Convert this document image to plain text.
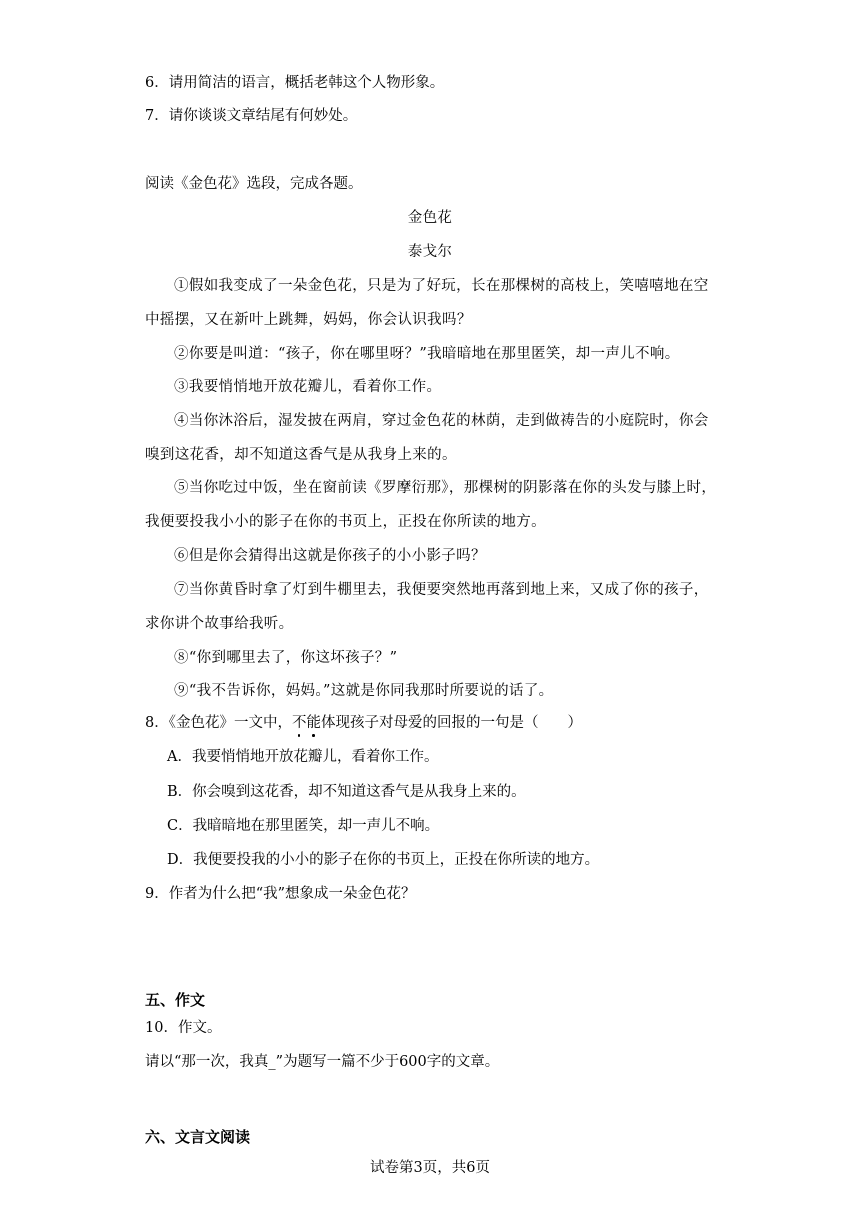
6．请用简洁的语言，概括老韩这个人物形象。
7．请你谈谈文章结尾有何妙处。
阅读《金色花》选段，完成各题。
金色花
泰戈尔
①假如我变成了一朵金色花，只是为了好玩，长在那棵树的高枝上，笑嘻嘻地在空
中摇摆，又在新叶上跳舞，妈妈，你会认识我吗？
②你要是叫道：“孩子，你在哪里呀？”我暗暗地在那里匿笑，却一声儿不响。
③我要悄悄地开放花瓣儿，看着你工作。
④当你沐浴后，湿发披在两肩，穿过金色花的林荫，走到做祷告的小庭院时，你会
嗅到这花香，却不知道这香气是从我身上来的。
⑤当你吃过中饭，坐在窗前读《罗摩衍那》，那棵树的阴影落在你的头发与膝上时，
我便要投我小小的影子在你的书页上，正投在你所读的地方。
⑥但是你会猜得出这就是你孩子的小小影子吗？
⑦当你黄昏时拿了灯到牛棚里去，我便要突然地再落到地上来，又成了你的孩子，
求你讲个故事给我听。
⑧“你到哪里去了，你这坏孩子？”
⑨“我不告诉你，妈妈。”这就是你同我那时所要说的话了。
8．《金色花》一文中，不能体现孩子对母爱的回报的一句是（　　）
A．我要悄悄地开放花瓣儿，看着你工作。
B．你会嗅到这花香，却不知道这香气是从我身上来的。
C．我暗暗地在那里匿笑，却一声儿不响。
D．我便要投我的小小的影子在你的书页上，正投在你所读的地方。
9．作者为什么把“我”想象成一朵金色花？
五、作文
10．作文。
请以“那一次，我真_”为题写一篇不少于600字的文章。
六、文言文阅读
试卷第3页，共6页
